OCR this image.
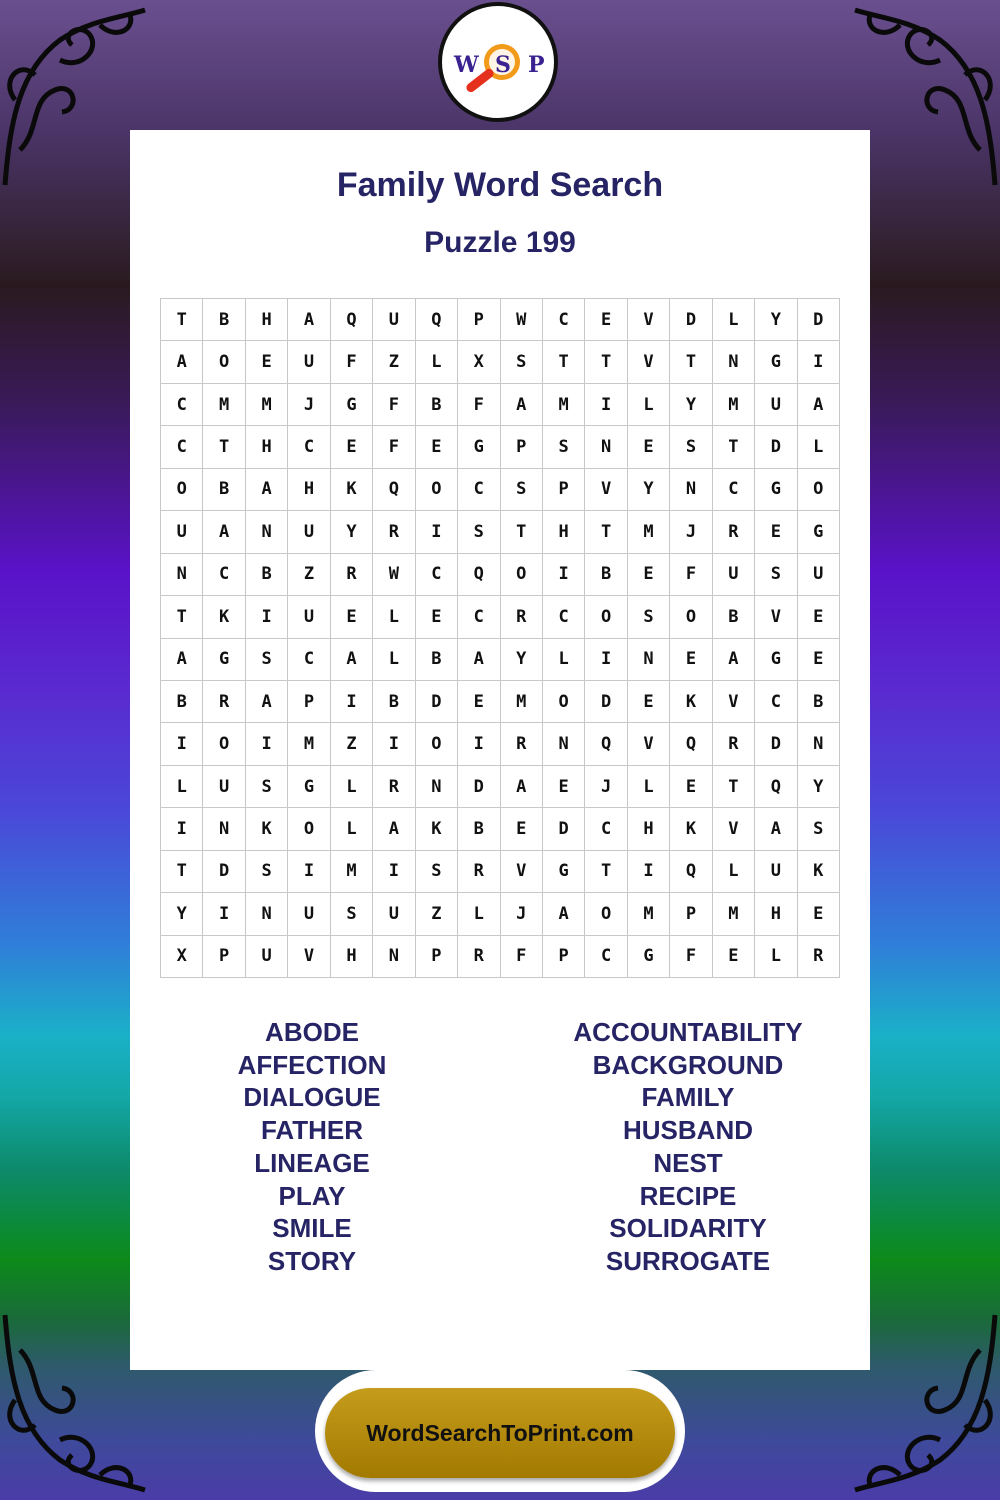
W S P
Family Word Search
Puzzle 199
T	B	H	A	Q	U	Q	P	W	C	E	V	D	L	Y	D
A	O	E	U	F	Z	L	X	S	T	T	V	T	N	G	I
C	M	M	J	G	F	B	F	A	M	I	L	Y	M	U	A
C	T	H	C	E	F	E	G	P	S	N	E	S	T	D	L
O	B	A	H	K	Q	O	C	S	P	V	Y	N	C	G	O
U	A	N	U	Y	R	I	S	T	H	T	M	J	R	E	G
N	C	B	Z	R	W	C	Q	O	I	B	E	F	U	S	U
T	K	I	U	E	L	E	C	R	C	O	S	O	B	V	E
A	G	S	C	A	L	B	A	Y	L	I	N	E	A	G	E
B	R	A	P	I	B	D	E	M	O	D	E	K	V	C	B
I	O	I	M	Z	I	O	I	R	N	Q	V	Q	R	D	N
L	U	S	G	L	R	N	D	A	E	J	L	E	T	Q	Y
I	N	K	O	L	A	K	B	E	D	C	H	K	V	A	S
T	D	S	I	M	I	S	R	V	G	T	I	Q	L	U	K
Y	I	N	U	S	U	Z	L	J	A	O	M	P	M	H	E
X	P	U	V	H	N	P	R	F	P	C	G	F	E	L	R
ABODE
AFFECTION
DIALOGUE
FATHER
LINEAGE
PLAY
SMILE
STORY
ACCOUNTABILITY
BACKGROUND
FAMILY
HUSBAND
NEST
RECIPE
SOLIDARITY
SURROGATE
WordSearchToPrint.com
